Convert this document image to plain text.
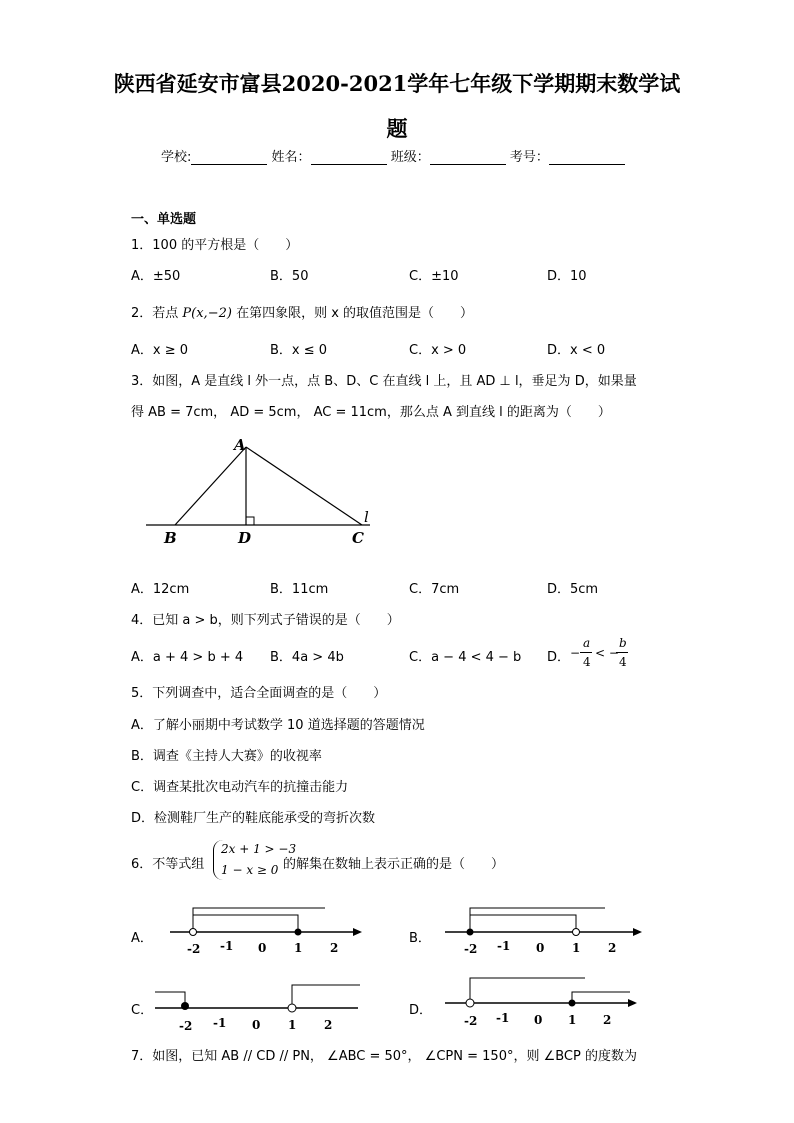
陕西省延安市富县2020-2021学年七年级下学期期末数学试
题
学校:	姓名：	班级：	考号：
一、单选题
1．100 的平方根是（　　）
A．±50	B．50	C．±10	D．10
2．若点 P(x,−2) 在第四象限，则 x 的取值范围是（　　）
A．x ≥ 0	B．x ≤ 0	C．x > 0	D．x < 0
3．如图，A 是直线 l 外一点，点 B、D、C 在直线 l 上，且 AD ⊥ l，垂足为 D，如果量
得 AB = 7cm， AD = 5cm， AC = 11cm，那么点 A 到直线 l 的距离为（　　）
A
B	D	C
l
A．12cm	B．11cm	C．7cm	D．5cm
4．已知 a > b，则下列式子错误的是（　　）
A．a + 4 > b + 4 B．4a > 4b	C．a − 4 < 4 − b D． −
a
4
< −
b
4
5．下列调查中，适合全面调查的是（　　）
A．了解小丽期中考试数学 10 道选择题的答题情况
B．调查《主持人大赛》的收视率
C．调查某批次电动汽车的抗撞击能力
D．检测鞋厂生产的鞋底能承受的弯折次数
6．不等式组
2x + 1 > −3
1 − x ≥ 0 的解集在数轴上表示正确的是（　　）
A．
-2 -1 0 1 2
B．
-2 -1 0 1 2
C．
-2 -1 0 1 2
D．
-2 -1 0 1 2
7．如图，已知 AB // CD // PN， ∠ABC = 50°， ∠CPN = 150°，则 ∠BCP 的度数为
